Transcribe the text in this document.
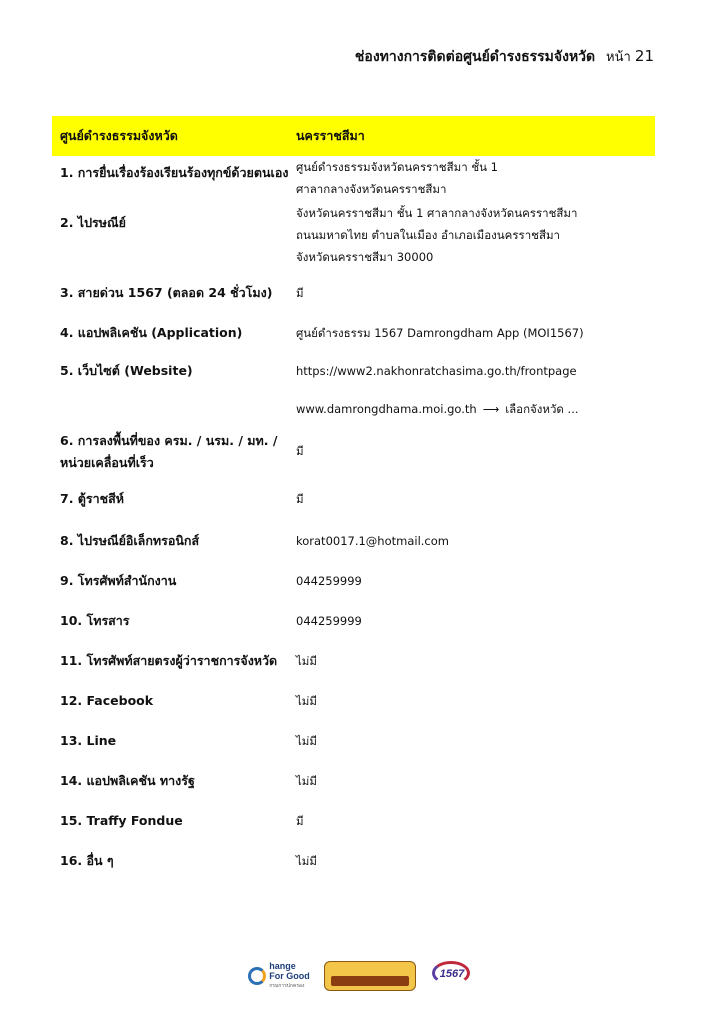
ช่องทางการติดต่อศูนย์ดำรงธรรมจังหวัด หน้า 21
ศูนย์ดำรงธรรมจังหวัด	นครราชสีมา
1. การยื่นเรื่องร้องเรียนร้องทุกข์ด้วยตนเอง	ศูนย์ดำรงธรรมจังหวัดนครราชสีมา ชั้น 1
ศาลากลางจังหวัดนครราชสีมา

2. ไปรษณีย์	จังหวัดนครราชสีมา ชั้น 1 ศาลากลางจังหวัดนครราชสีมา
ถนนมหาดไทย ตำบลในเมือง อำเภอเมืองนครราชสีมา
จังหวัดนครราชสีมา 30000

3. สายด่วน 1567 (ตลอด 24 ชั่วโมง)	มี
4. แอปพลิเคชัน (Application)	ศูนย์ดำรงธรรม 1567 Damrongdham App (MOI1567)
5. เว็บไซต์ (Website)	https://www2.nakhonratchasima.go.th/frontpage
	www.damrongdhama.moi.go.th ⟶ เลือกจังหวัด ...

6. การลงพื้นที่ของ ครม. / นรม. / มท. /
หน่วยเคลื่อนที่เร็ว	มี
7. ตู้ราชสีห์	มี
8. ไปรษณีย์อิเล็กทรอนิกส์	korat0017.1@hotmail.com
9. โทรศัพท์สำนักงาน	044259999
10. โทรสาร	044259999
11. โทรศัพท์สายตรงผู้ว่าราชการจังหวัด	ไม่มี
12. Facebook	ไม่มี
13. Line	ไม่มี
14. แอปพลิเคชัน ทางรัฐ	ไม่มี
15. Traffy Fondue	มี
16. อื่น ๆ	ไม่มี
hange
For Good
กรมการปกครอง
1567
